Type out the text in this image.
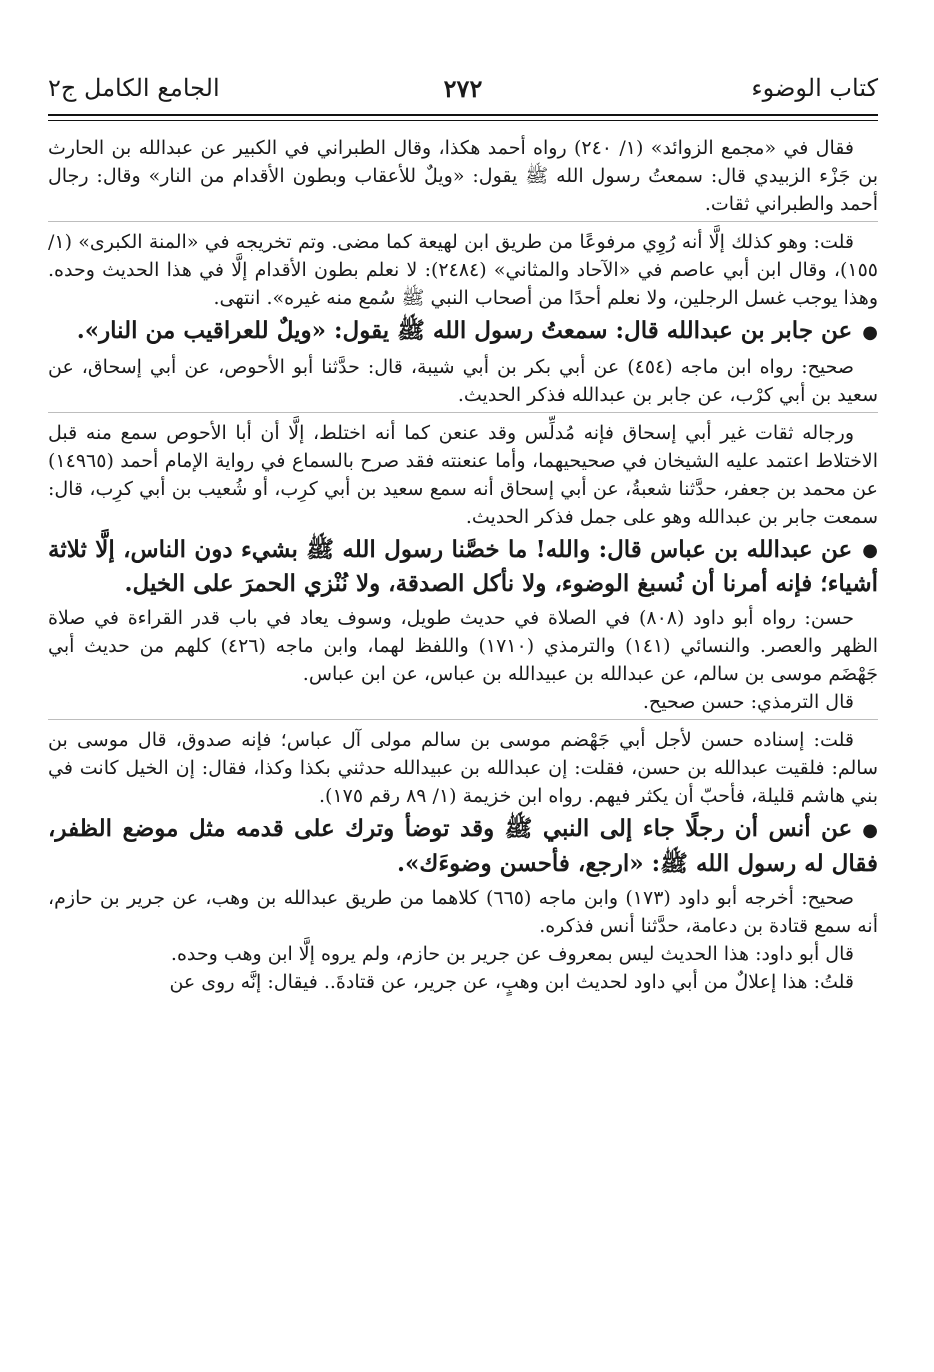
كتاب الوضوء
٢٧٢
الجامع الكامل ج٢

فقال في «مجمع الزوائد» (١/ ٢٤٠) رواه أحمد هكذا، وقال الطبراني في الكبير عن عبدالله بن الحارث بن جَزْء الزبيدي قال: سمعتُ رسول الله ﷺ يقول: «ويلٌ للأعقاب وبطون الأقدام من النار» وقال: رجال أحمد والطبراني ثقات.

قلت: وهو كذلك إلَّا أنه رُوِي مرفوعًا من طريق ابن لهيعة كما مضى. وتم تخريجه في «المنة الكبرى» (١/ ١٥٥)، وقال ابن أبي عاصم في «الآحاد والمثاني» (٢٤٨٤): لا نعلم بطون الأقدام إلَّا في هذا الحديث وحده. وهذا يوجب غسل الرجلين، ولا نعلم أحدًا من أصحاب النبي ﷺ سُمع منه غيره». انتهى.

●عن جابر بن عبدالله قال: سمعتُ رسول الله ﷺ يقول: «ويلٌ للعراقيب من النار».

صحيح: رواه ابن ماجه (٤٥٤) عن أبي بكر بن أبي شيبة، قال: حدَّثنا أبو الأحوص، عن أبي إسحاق، عن سعيد بن أبي كرْب، عن جابر بن عبدالله فذكر الحديث.

ورجاله ثقات غير أبي إسحاق فإنه مُدلِّس وقد عنعن كما أنه اختلط، إلَّا أن أبا الأحوص سمع منه قبل الاختلاط اعتمد عليه الشيخان في صحيحيهما، وأما عنعنته فقد صرح بالسماع في رواية الإمام أحمد (١٤٩٦٥) عن محمد بن جعفر، حدَّثنا شعبةُ، عن أبي إسحاق أنه سمع سعيد بن أبي كرِب، أو شُعيب بن أبي كرِب، قال: سمعت جابر بن عبدالله وهو على جمل فذكر الحديث.

●عن عبدالله بن عباس قال: والله! ما خصَّنا رسول الله ﷺ بشيء دون الناس، إلَّا ثلاثة أشياء؛ فإنه أمرنا أن نُسبغ الوضوء، ولا نأكل الصدقة، ولا نُنْزي الحمرَ على الخيل.

حسن: رواه أبو داود (٨٠٨) في الصلاة في حديث طويل، وسوف يعاد في باب قدر القراءة في صلاة الظهر والعصر. والنسائي (١٤١) والترمذي (١٧١٠) واللفظ لهما، وابن ماجه (٤٢٦) كلهم من حديث أبي جَهْضَم موسى بن سالم، عن عبدالله بن عبيدالله بن عباس، عن ابن عباس.

قال الترمذي: حسن صحيح.

قلت: إسناده حسن لأجل أبي جَهْضم موسى بن سالم مولى آل عباس؛ فإنه صدوق، قال موسى بن سالم: فلقيت عبدالله بن حسن، فقلت: إن عبدالله بن عبيدالله حدثني بكذا وكذا، فقال: إن الخيل كانت في بني هاشم قليلة، فأحبّ أن يكثر فيهم. رواه ابن خزيمة (١/ ٨٩ رقم ١٧٥).

●عن أنس أن رجلًا جاء إلى النبي ﷺ وقد توضأ وترك على قدمه مثل موضع الظفر، فقال له رسول الله ﷺ: «ارجع، فأحسن وضوءَك».

صحيح: أخرجه أبو داود (١٧٣) وابن ماجه (٦٦٥) كلاهما من طريق عبدالله بن وهب، عن جرير بن حازم، أنه سمع قتادة بن دعامة، حدَّثنا أنس فذكره.

قال أبو داود: هذا الحديث ليس بمعروف عن جرير بن حازم، ولم يروه إلَّا ابن وهب وحده.

قلتُ: هذا إعلالٌ من أبي داود لحديث ابن وهبٍ، عن جرير، عن قتادةَ.. فيقال: إنَّه روى عن
